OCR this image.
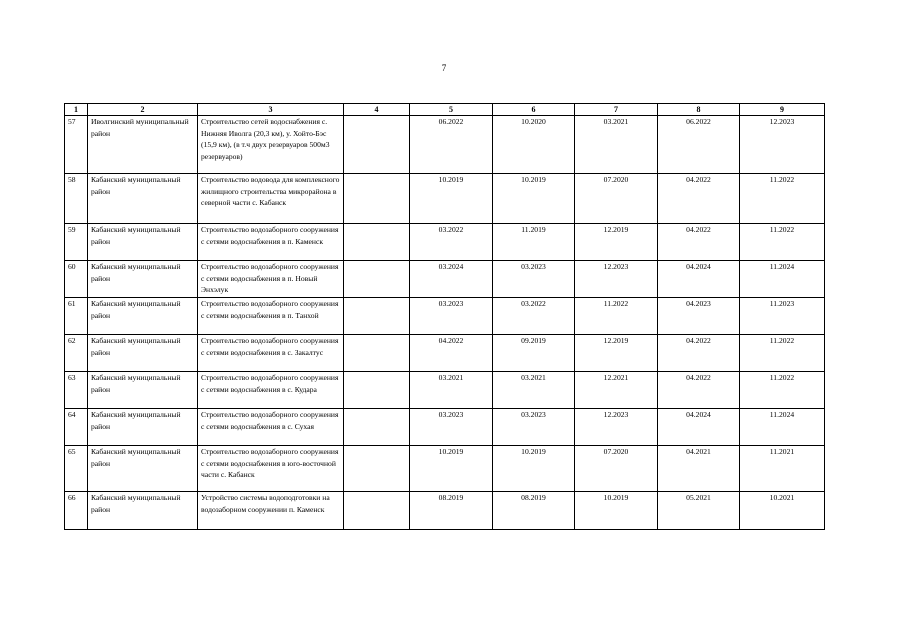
7
1	2	3	4	5	6	7	8	9
57	Иволгинский муниципальный район	Строительство сетей водоснабжения с. Нижняя Иволга (20,3 км), у. Хойто-Бэс (15,9 км), (в т.ч двух резервуаров 500м3 резервуаров)		06.2022	10.2020	03.2021	06.2022	12.2023
58	Кабанский муниципальный район	Строительство водовода для комплексного жилищного строительства микрорайона в северной части с. Кабанск		10.2019	10.2019	07.2020	04.2022	11.2022
59	Кабанский муниципальный район	Строительство водозаборного сооружения с сетями водоснабжения в п. Каменск		03.2022	11.2019	12.2019	04.2022	11.2022
60	Кабанский муниципальный район	Строительство водозаборного сооружения с сетями водоснабжения в п. Новый Энхэлук		03.2024	03.2023	12.2023	04.2024	11.2024
61	Кабанский муниципальный район	Строительство водозаборного сооружения с сетями водоснабжения в п. Танхой		03.2023	03.2022	11.2022	04.2023	11.2023
62	Кабанский муниципальный район	Строительство водозаборного сооружения с сетями водоснабжения в с. Закалтус		04.2022	09.2019	12.2019	04.2022	11.2022
63	Кабанский муниципальный район	Строительство водозаборного сооружения с сетями водоснабжения в с. Кудара		03.2021	03.2021	12.2021	04.2022	11.2022
64	Кабанский муниципальный район	Строительство водозаборного сооружения с сетями водоснабжения в с. Сухая		03.2023	03.2023	12.2023	04.2024	11.2024
65	Кабанский муниципальный район	Строительство водозаборного сооружения с сетями водоснабжения в юго-восточной части с. Кабанск		10.2019	10.2019	07.2020	04.2021	11.2021
66	Кабанский муниципальный район	Устройство системы водоподготовки на водозаборном сооружении п. Каменск		08.2019	08.2019	10.2019	05.2021	10.2021
